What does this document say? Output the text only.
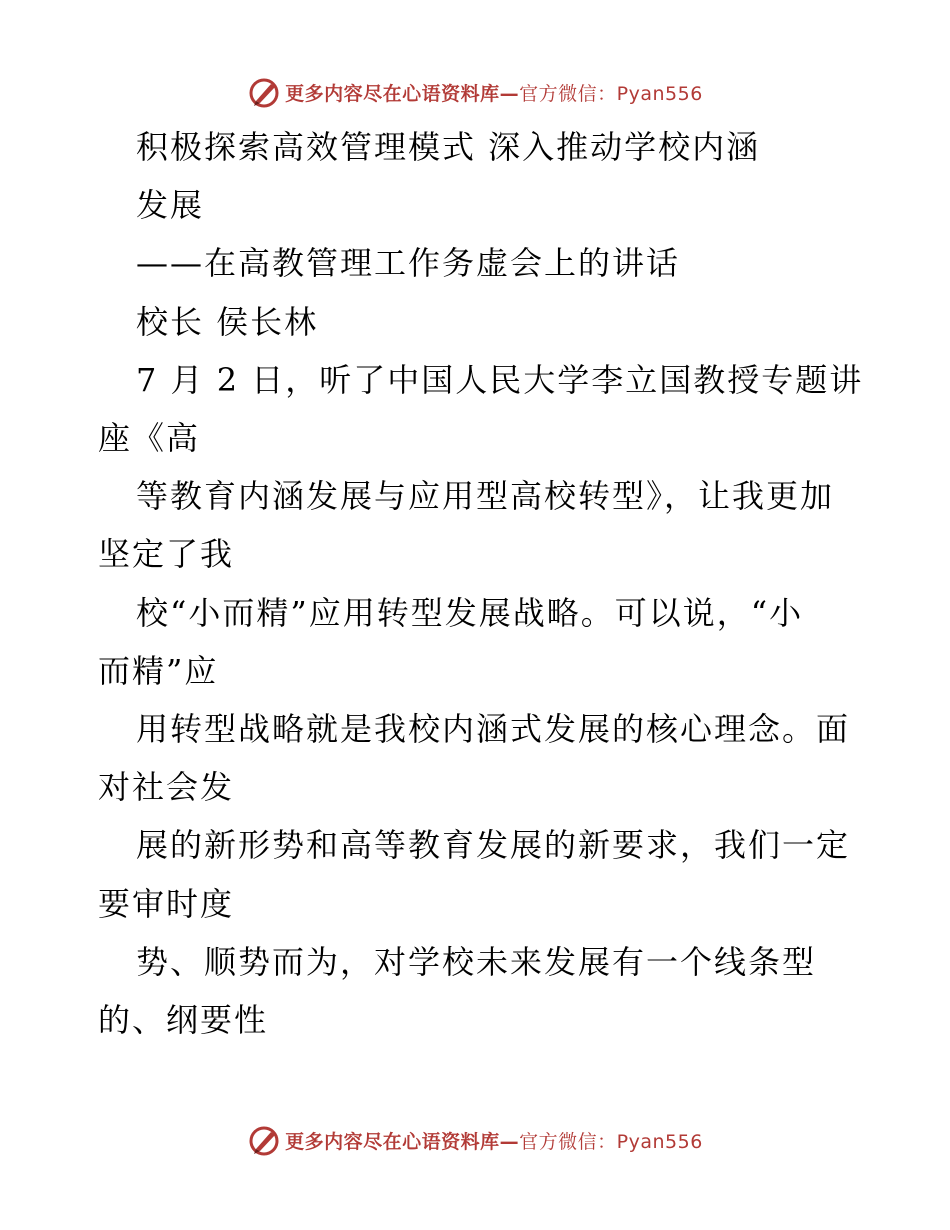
更多内容尽在心语资料库—官方微信：Pyan556
积极探索高效管理模式 深入推动学校内涵
发展
——在高教管理工作务虚会上的讲话
校长 侯长林
7 月 2 日，听了中国人民大学李立国教授专题讲
座《高
等教育内涵发展与应用型高校转型》，让我更加
坚定了我
校“小而精”应用转型发展战略。可以说，“小
而精”应
用转型战略就是我校内涵式发展的核心理念。面
对社会发
展的新形势和高等教育发展的新要求，我们一定
要审时度
势、顺势而为，对学校未来发展有一个线条型
的、纲要性
更多内容尽在心语资料库—官方微信：Pyan556
